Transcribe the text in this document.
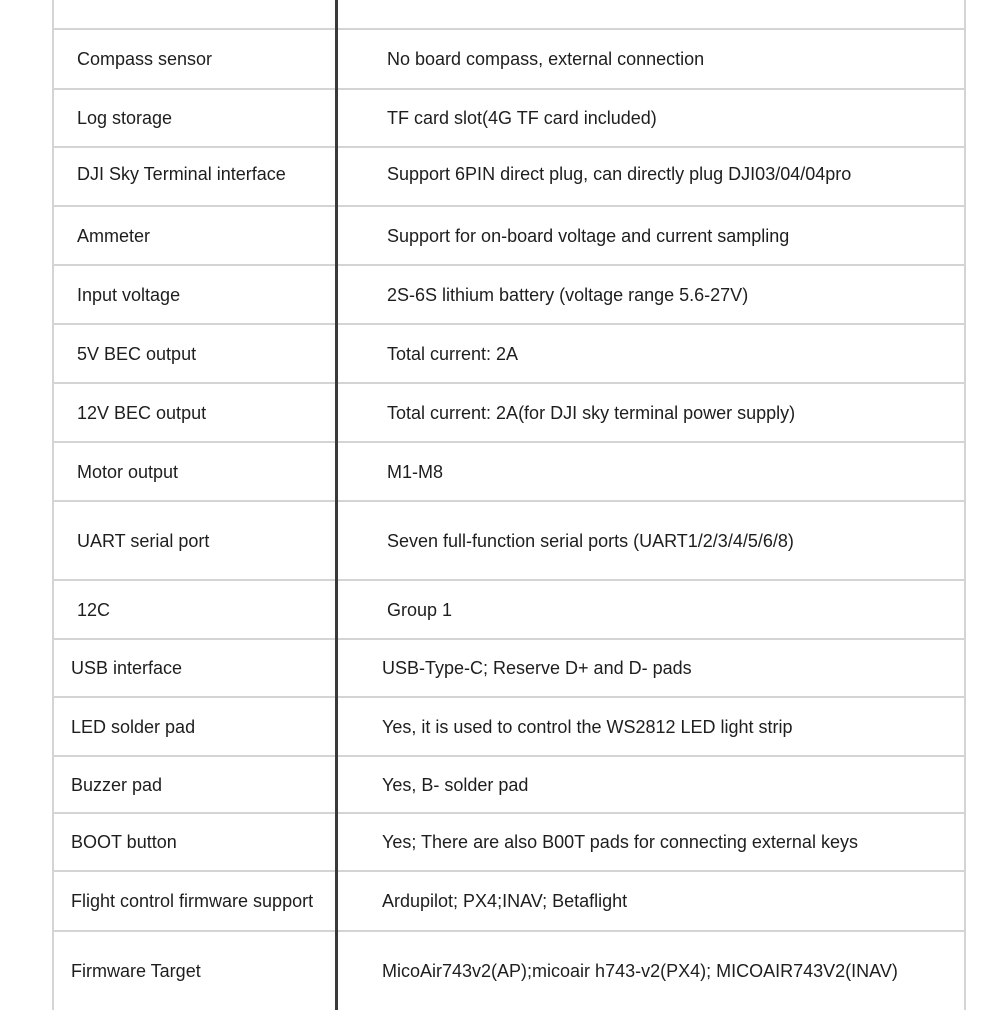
Compass sensor	No board compass, external connection
Log storage	TF card slot(4G TF card included)
DJI Sky Terminal interface	Support 6PIN direct plug, can directly plug DJI03/04/04pro
Ammeter	Support for on-board voltage and current sampling
Input voltage	2S-6S lithium battery (voltage range 5.6-27V)
5V BEC output	Total current: 2A
12V BEC output	Total current: 2A(for DJI sky terminal power supply)
Motor output	M1-M8
UART serial port	Seven full-function serial ports (UART1/2/3/4/5/6/8)
12C	Group 1
USB interface	USB-Type-C; Reserve D+ and D- pads
LED solder pad	Yes, it is used to control the WS2812 LED light strip
Buzzer pad	Yes, B- solder pad
BOOT button	Yes; There are also B00T pads for connecting external keys
Flight control firmware support	Ardupilot; PX4;INAV; Betaflight
Firmware Target	MicoAir743v2(AP);micoair h743-v2(PX4); MICOAIR743V2(INAV)
